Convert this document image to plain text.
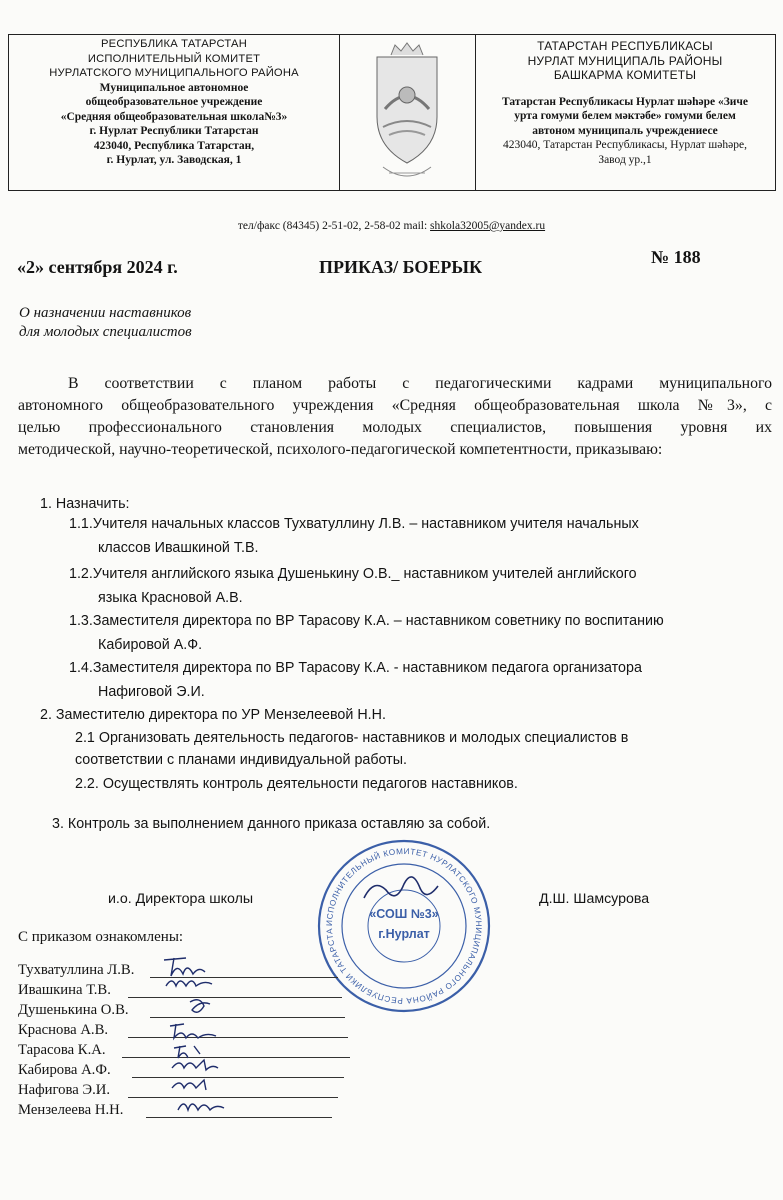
РЕСПУБЛИКА ТАТАРСТАН
ИСПОЛНИТЕЛЬНЫЙ КОМИТЕТ
НУРЛАТСКОГО МУНИЦИПАЛЬНОГО РАЙОНА
Муниципальное автономное
общеобразовательное учреждение
«Средняя общеобразовательная школа№3»
г. Нурлат Республики Татарстан
423040, Республика Татарстан,
г. Нурлат, ул. Заводская, 1
ТАТАРСТАН РЕСПУБЛИКАСЫ
НУРЛАТ МУНИЦИПАЛЬ РАЙОНЫ
БАШКАРМА КОМИТЕТЫ
Татарстан Республикасы Нурлат шәһәре «Зиче
урта гомуми белем мәктәбе» гомуми белем
автоном муниципаль учреждениесе
423040, Татарстан Республикасы, Нурлат шәһәре,
Завод ур.,1
тел/факс (84345) 2-51-02, 2-58-02 mail: shkola32005@yandex.ru
«2» сентября 2024 г.	ПРИКАЗ/ БОЕРЫК	№ 188
О назначении наставников
для молодых специалистов
В соответствии с планом работы с педагогическими кадрами муниципального
автономного общеобразовательного учреждения «Средняя общеобразовательная школа №3», с
целью профессионального становления молодых специалистов, повышения уровня их
методической, научно-теоретической, психолого-педагогической компетентности, приказываю:
1. Назначить:
1.1.Учителя начальных классов Тухватуллину Л.В. – наставником учителя начальных
классов Ивашкиной Т.В.
1.2.Учителя английского языка Душенькину О.В._ наставником учителей английского
языка Красновой А.В.
1.3.Заместителя директора по ВР Тарасову К.А. – наставником советнику по воспитанию
Кабировой А.Ф.
1.4.Заместителя директора по ВР Тарасову К.А. - наставником педагога организатора
Нафиговой Э.И.
2. Заместителю директора по УР Мензелеевой Н.Н.
2.1 Организовать деятельность педагогов- наставников и молодых специалистов в
соответствии с планами индивидуальной работы.
2.2. Осуществлять контроль деятельности педагогов наставников.
3. Контроль за выполнением данного приказа оставляю за собой.
и.о. Директора школы	Д.Ш. Шамсурова
ИСПОЛНИТЕЛЬНЫЙ КОМИТЕТ НУРЛАТСКОГО МУНИЦИПАЛЬНОГО РАЙОНА РЕСПУБЛИКИ ТАТАРСТА
«СОШ №3»
г.Нурлат
С приказом ознакомлены:
Тухватуллина Л.В.
Ивашкина Т.В.
Душенькина О.В.
Краснова А.В.
Тарасова К.А.
Кабирова А.Ф.
Нафигова Э.И.
Мензелеева Н.Н.
